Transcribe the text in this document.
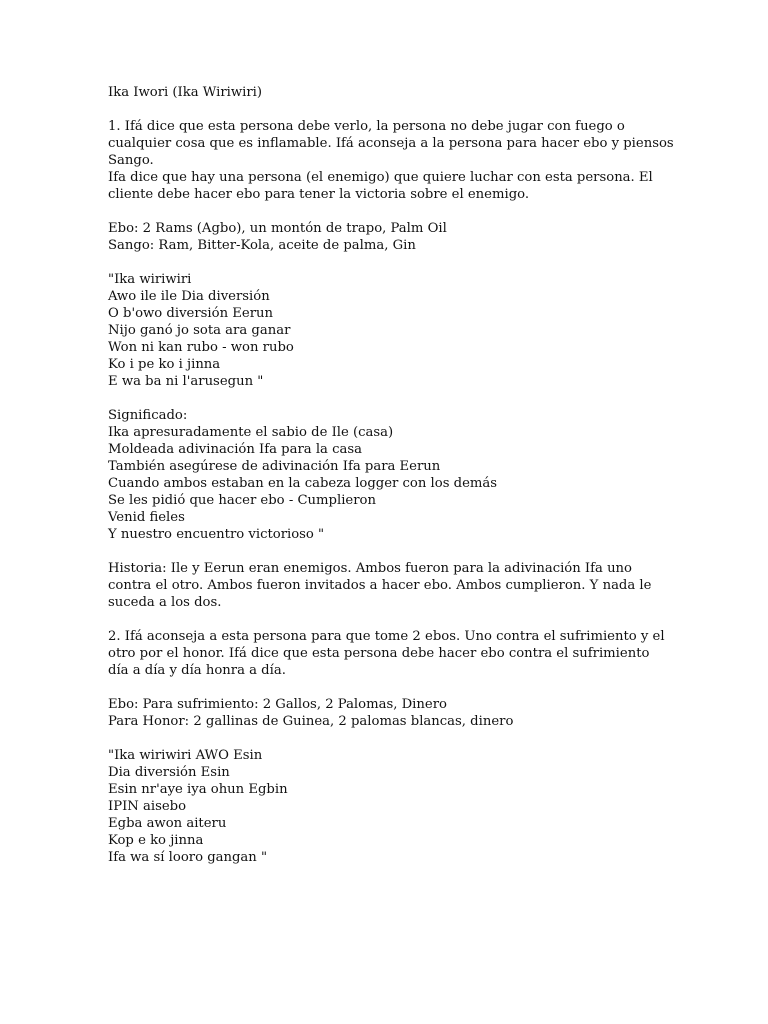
Ika Iwori (Ika Wiriwiri)
1. Ifá dice que esta persona debe verlo, la persona no debe jugar con fuego o
cualquier cosa que es inflamable. Ifá aconseja a la persona para hacer ebo y piensos
Sango.
Ifa dice que hay una persona (el enemigo) que quiere luchar con esta persona. El
cliente debe hacer ebo para tener la victoria sobre el enemigo.
Ebo: 2 Rams (Agbo), un montón de trapo, Palm Oil
Sango: Ram, Bitter-Kola, aceite de palma, Gin
"Ika wiriwiri
Awo ile ile Dia diversión
O b'owo diversión Eerun
Nijo ganó jo sota ara ganar
Won ni kan rubo - won rubo
Ko i pe ko i jinna
E wa ba ni l'arusegun "
Significado:
Ika apresuradamente el sabio de Ile (casa)
Moldeada adivinación Ifa para la casa
También asegúrese de adivinación Ifa para Eerun
Cuando ambos estaban en la cabeza logger con los demás
Se les pidió que hacer ebo - Cumplieron
Venid fieles
Y nuestro encuentro victorioso "
Historia: Ile y Eerun eran enemigos. Ambos fueron para la adivinación Ifa uno
contra el otro. Ambos fueron invitados a hacer ebo. Ambos cumplieron. Y nada le
suceda a los dos.
2. Ifá aconseja a esta persona para que tome 2 ebos. Uno contra el sufrimiento y el
otro por el honor. Ifá dice que esta persona debe hacer ebo contra el sufrimiento
día a día y día honra a día.
Ebo: Para sufrimiento: 2 Gallos, 2 Palomas, Dinero
Para Honor: 2 gallinas de Guinea, 2 palomas blancas, dinero
"Ika wiriwiri AWO Esin
Dia diversión Esin
Esin nr'aye iya ohun Egbin
IPIN aisebo
Egba awon aiteru
Kop e ko jinna
Ifa wa sí looro gangan "
